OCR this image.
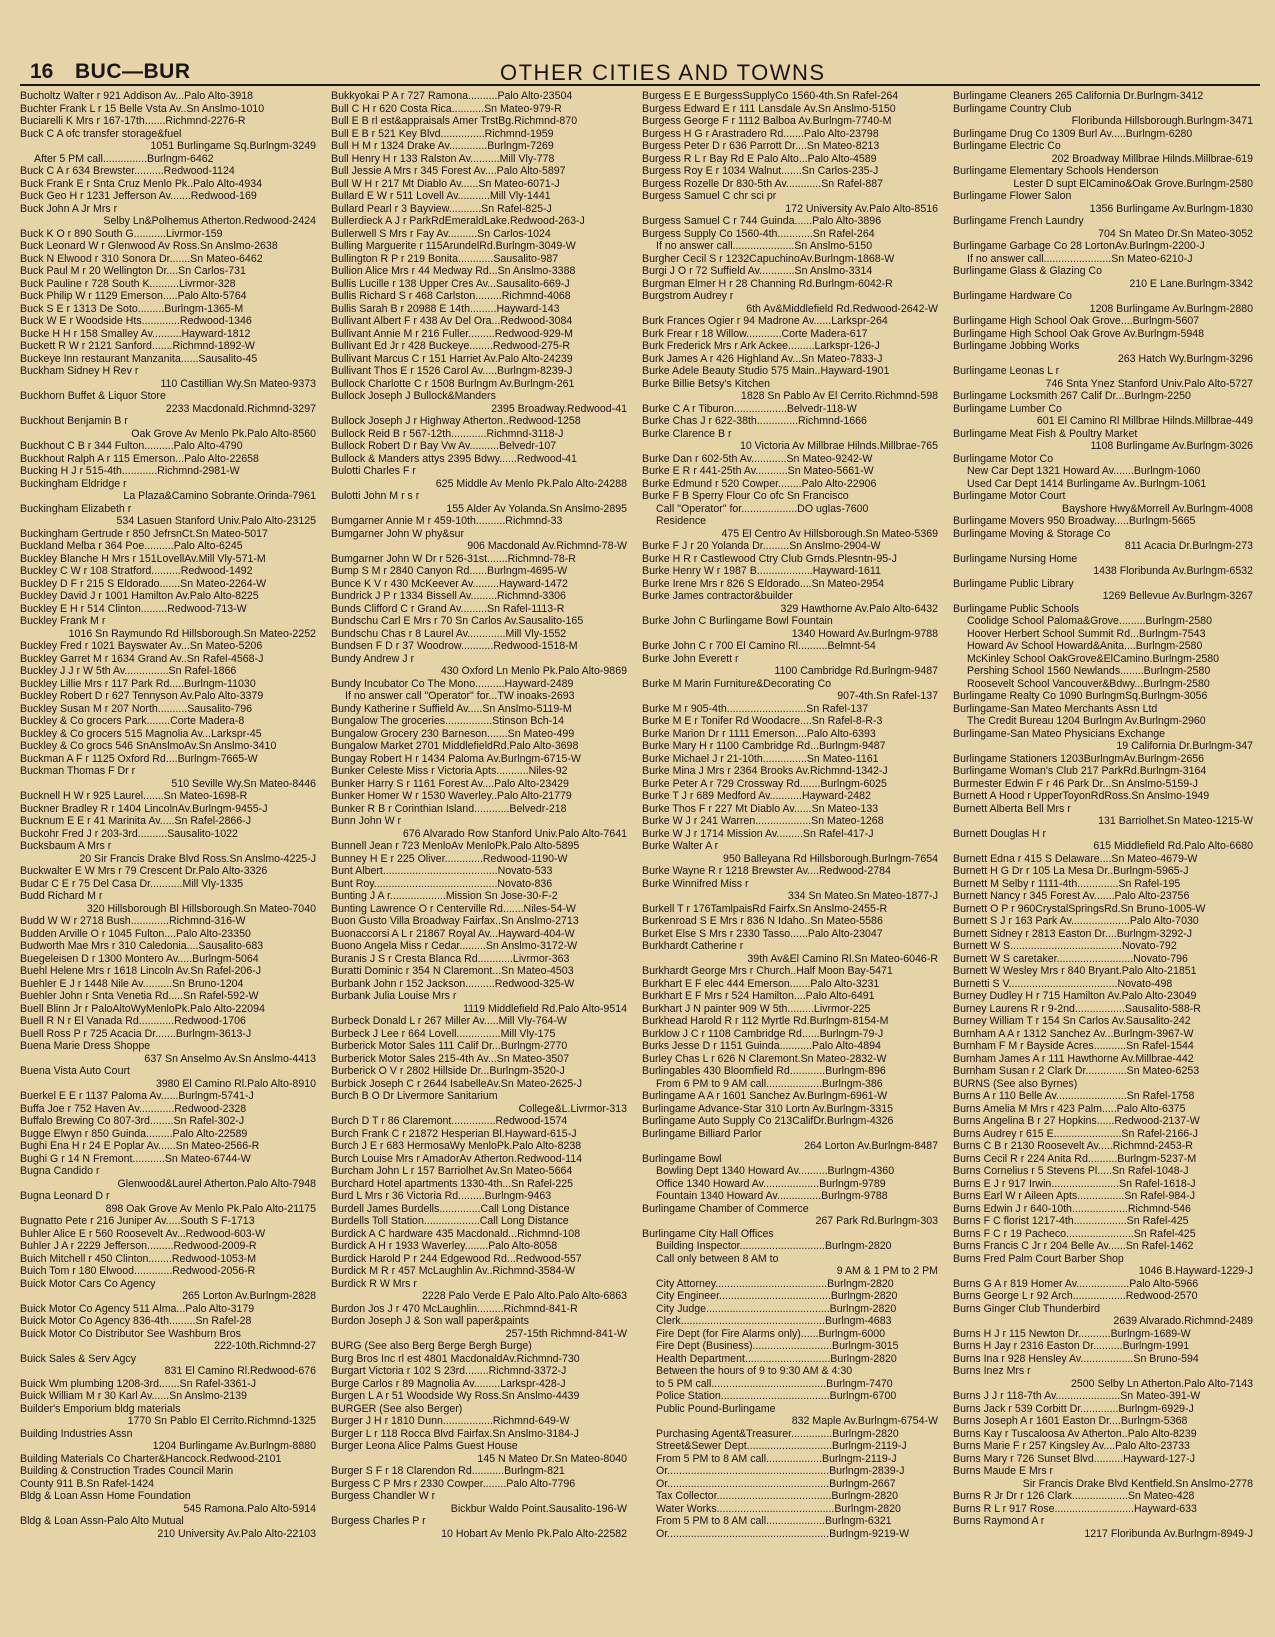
16 BUC—BUR	OTHER CITIES AND TOWNS
Bucholtz Walter r 921 Addison Av...Palo Alto-3918
Buchter Frank L r 15 Belle Vsta Av..Sn Anslmo-1010
Buciarelli K Mrs r 167-17th.......Richmnd-2276-R
Buck C A ofc transfer storage&fuel
1051 Burlingame Sq.Burlngm-3249
After 5 PM call...............Burlngm-6462
Buck C A r 634 Brewster..........Redwood-1124
Buck Frank E r Snta Cruz Menlo Pk..Palo Alto-4934
Buck Geo H r 1231 Jefferson Av.......Redwood-169
Buck John A Jr Mrs r
Selby Ln&Polhemus Atherton.Redwood-2424
Buck K O r 890 South G...........Livrmor-159
Buck Leonard W r Glenwood Av Ross.Sn Anslmo-2638
Buck N Elwood r 310 Sonora Dr.......Sn Mateo-6462
Buck Paul M r 20 Wellington Dr....Sn Carlos-731
Buck Pauline r 728 South K..........Livrmor-328
Buck Philip W r 1129 Emerson.....Palo Alto-5764
Buck S E r 1313 De Soto.........Burlngm-1365-M
Buck W E r Woodside Hts.............Redwood-1346
Bucke H H r 158 Smalley Av..........Hayward-1812
Buckett R W r 2121 Sanford.......Richmnd-1892-W
Buckeye Inn restaurant Manzanita......Sausalito-45
Buckham Sidney H Rev r
110 Castillian Wy.Sn Mateo-9373
Buckhorn Buffet & Liquor Store
2233 Macdonald.Richmnd-3297
Buckhout Benjamin B r
Oak Grove Av Menlo Pk.Palo Alto-8560
Buckhout C B r 344 Fulton..........Palo Alto-4790
Buckhout Ralph A r 115 Emerson...Palo Alto-22658
Bucking H J r 515-4th............Richmnd-2981-W
Buckingham Eldridge r
La Plaza&Camino Sobrante.Orinda-7961
Buckingham Elizabeth r
534 Lasuen Stanford Univ.Palo Alto-23125
Buckingham Gertrude r 850 JefrsnCt.Sn Mateo-5017
Buckland Melba r 364 Poe..........Palo Alto-6245
Buckley Blanche H Mrs r 151LovellAv.Mill Vly-571-M
Buckley C W r 108 Stratford..........Redwood-1492
Buckley D F r 215 S Eldorado.......Sn Mateo-2264-W
Buckley David J r 1001 Hamilton Av.Palo Alto-8225
Buckley E H r 514 Clinton.........Redwood-713-W
Buckley Frank M r
1016 Sn Raymundo Rd Hillsborough.Sn Mateo-2252
Buckley Fred r 1021 Bayswater Av...Sn Mateo-5206
Buckley Garret M r 1634 Grand Av..Sn Rafel-4568-J
Buckley J J r W 5th Av...............Sn Rafel-1866
Buckley Lillie Mrs r 117 Park Rd.....Burlngm-11030
Buckley Robert D r 627 Tennyson Av.Palo Alto-3379
Buckley Susan M r 207 North..........Sausalito-796
Buckley & Co grocers Park........Corte Madera-8
Buckley & Co grocers 515 Magnolia Av...Larkspr-45
Buckley & Co grocs 546 SnAnslmoAv.Sn Anslmo-3410
Buckman A F r 1125 Oxford Rd....Burlngm-7665-W
Buckman Thomas F Dr r
510 Seville Wy.Sn Mateo-8446
Bucknell H W r 925 Laurel.......Sn Mateo-1698-R
Buckner Bradley R r 1404 LincolnAv.Burlngm-9455-J
Bucknum E E r 41 Marinita Av.....Sn Rafel-2866-J
Buckohr Fred J r 203-3rd..........Sausalito-1022
Bucksbaum A Mrs r
20 Sir Francis Drake Blvd Ross.Sn Anslmo-4225-J
Buckwalter E W Mrs r 79 Crescent Dr.Palo Alto-3326
Budar C E r 75 Del Casa Dr...........Mill Vly-1335
Budd Richard M r
320 Hillsborough Bl Hillsborough.Sn Mateo-7040
Budd W W r 2718 Bush.............Richmnd-316-W
Budden Arville O r 1045 Fulton....Palo Alto-23350
Budworth Mae Mrs r 310 Caledonia....Sausalito-683
Buegeleisen D r 1300 Montero Av.....Burlngm-5064
Buehl Helene Mrs r 1618 Lincoln Av.Sn Rafel-206-J
Buehler E J r 1448 Nile Av..........Sn Bruno-1204
Buehler John r Snta Venetia Rd.....Sn Rafel-592-W
Buell Blinn Jr r PaloAltoWyMenloPk.Palo Alto-22094
Buell R N r El Vanada Rd............Redwood-1706
Buell Ross P r 725 Acacia Dr.......Burlngm-3613-J
Buena Marie Dress Shoppe
637 Sn Anselmo Av.Sn Anslmo-4413
Buena Vista Auto Court
3980 El Camino Rl.Palo Alto-8910
Buerkel E E r 1137 Paloma Av......Burlngm-5741-J
Buffa Joe r 752 Haven Av............Redwood-2328
Buffalo Brewing Co 807-3rd........Sn Rafel-302-J
Bugge Elwyn r 850 Guinda.........Palo Alto-22589
Bughi Ena H r 24 E Poplar Av......Sn Mateo-2566-R
Bughi G r 14 N Fremont...........Sn Mateo-6744-W
Bugna Candido r
Glenwood&Laurel Atherton.Palo Alto-7948
Bugna Leonard D r
898 Oak Grove Av Menlo Pk.Palo Alto-21175
Bugnatto Pete r 216 Juniper Av.....South S F-1713
Buhler Alice E r 560 Roosevelt Av...Redwood-603-W
Buhler J A r 2229 Jefferson.........Redwood-2009-R
Buich Mitchell r 450 Clinton........Redwood-1053-M
Buich Tom r 180 Elwood.............Redwood-2056-R
Buick Motor Cars Co Agency
265 Lorton Av.Burlngm-2828
Buick Motor Co Agency 511 Alma...Palo Alto-3179
Buick Motor Co Agency 836-4th.........Sn Rafel-28
Buick Motor Co Distributor See Washburn Bros
222-10th.Richmnd-27
Buick Sales & Serv Agcy
831 El Camino Rl.Redwood-676
Buick Wm plumbing 1208-3rd.......Sn Rafel-3361-J
Buick William M r 30 Karl Av......Sn Anslmo-2139
Builder's Emporium bldg materials
1770 Sn Pablo El Cerrito.Richmnd-1325
Building Industries Assn
1204 Burlingame Av.Burlngm-8880
Building Materials Co Charter&Hancock.Redwood-2101
Building & Construction Trades Council Marin
County 911 B.Sn Rafel-1424
Bldg & Loan Assn Home Foundation
545 Ramona.Palo Alto-5914
Bldg & Loan Assn-Palo Alto Mutual
210 University Av.Palo Alto-22103
Bukkyokai P A r 727 Ramona..........Palo Alto-23504
Bull C H r 620 Costa Rica...........Sn Mateo-979-R
Bull E B rl est&appraisals Amer TrstBg.Richmnd-870
Bull E B r 521 Key Blvd...............Richmnd-1959
Bull H M r 1324 Drake Av.............Burlngm-7269
Bull Henry H r 133 Ralston Av..........Mill Vly-778
Bull Jessie A Mrs r 345 Forest Av....Palo Alto-5897
Bull W H r 217 Mt Diablo Av......Sn Mateo-6071-J
Bullard E W r 511 Lovell Av...........Mill Vly-1441
Bullard Pearl r 3 Bayview...........Sn Rafel-825-J
Bullerdieck A J r ParkRdEmeraldLake.Redwood-263-J
Bullerwell S Mrs r Fay Av..........Sn Carlos-1024
Bulling Marguerite r 115ArundelRd.Burlngm-3049-W
Bullington R P r 219 Bonita............Sausalito-987
Bullion Alice Mrs r 44 Medway Rd...Sn Anslmo-3388
Bullis Lucille r 138 Upper Cres Av...Sausalito-669-J
Bullis Richard S r 468 Carlston.........Richmnd-4068
Bullis Sarah B r 20988 E 14th.........Hayward-143
Bullivant Albert F r 438 Av Del Ora...Redwood-3084
Bullivant Annie M r 216 Fuller.........Redwood-929-M
Bullivant Ed Jr r 428 Buckeye........Redwood-275-R
Bullivant Marcus C r 151 Harriet Av.Palo Alto-24239
Bullivant Thos E r 1526 Carol Av.....Burlngm-8239-J
Bullock Charlotte C r 1508 Burlngm Av.Burlngm-261
Bullock Joseph J Bullock&Manders
2395 Broadway.Redwood-41
Bullock Joseph J r Highway Atherton..Redwood-1258
Bullock Reid B r 567-12th............Richmnd-3118-J
Bullock Robert D r Bay Vw Av..........Belvedr-107
Bullock & Manders attys 2395 Bdwy......Redwood-41
Bulotti Charles F r
625 Middle Av Menlo Pk.Palo Alto-24288
Bulotti John M r s r
155 Alder Av Yolanda.Sn Anslmo-2895
Bumgarner Annie M r 459-10th..........Richmnd-33
Bumgarner John W phy&sur
906 Macdonald Av.Richmnd-78-W
Bumgarner John W Dr r 526-31st.......Richmnd-78-R
Bump S M r 2840 Canyon Rd......Burlngm-4695-W
Bunce K V r 430 McKeever Av.........Hayward-1472
Bundrick J P r 1334 Bissell Av.........Richmnd-3306
Bunds Clifford C r Grand Av.........Sn Rafel-1113-R
Bundschu Carl E Mrs r 70 Sn Carlos Av.Sausalito-165
Bundschu Chas r 8 Laurel Av.............Mill Vly-1552
Bundsen F D r 37 Woodrow...........Redwood-1518-M
Bundy Andrew J r
430 Oxford Ln Menlo Pk.Palo Alto-9869
Bundy Incubator Co The Mono..........Hayward-2489
If no answer call "Operator" for...TW inoaks-2693
Bundy Katherine r Suffield Av.....Sn Anslmo-5119-M
Bungalow The groceries................Stinson Bch-14
Bungalow Grocery 230 Barneson.......Sn Mateo-499
Bungalow Market 2701 MiddlefieldRd.Palo Alto-3698
Bungay Robert H r 1434 Paloma Av.Burlngm-6715-W
Bunker Celeste Miss r Victoria Apts...........Niles-92
Bunker Harry S r 1161 Forest Av....Palo Alto-23429
Bunker Homer W r 1530 Waverley..Palo Alto-21779
Bunker R B r Corinthian Island............Belvedr-218
Bunn John W r
676 Alvarado Row Stanford Univ.Palo Alto-7641
Bunnell Jean r 723 MenloAv MenloPk.Palo Alto-5895
Bunney H E r 225 Oliver.............Redwood-1190-W
Bunt Albert.......................................Novato-533
Bunt Roy..........................................Novato-836
Bunting J A r...................Mission Sn Jose-30-F-2
Bunting Lawrence O r Centerville Rd.......Niles-54-W
Buon Gusto Villa Broadway Fairfax..Sn Anslmo-2713
Buonaccorsi A L r 21867 Royal Av...Hayward-404-W
Buono Angela Miss r Cedar.........Sn Anslmo-3172-W
Buranis J S r Cresta Blanca Rd............Livrmor-363
Buratti Dominic r 354 N Claremont...Sn Mateo-4503
Burbank John r 152 Jackson..........Redwood-325-W
Burbank Julia Louise Mrs r
1119 Middlefield Rd.Palo Alto-9514
Burbeck Donald L r 267 Miller Av.....Mill Vly-764-W
Burbeck J Lee r 664 Lovell...............Mill Vly-175
Burberick Motor Sales 111 Calif Dr...Burlngm-2770
Burberick Motor Sales 215-4th Av...Sn Mateo-3507
Burberick O V r 2802 Hillside Dr...Burlngm-3520-J
Burbick Joseph C r 2644 IsabelleAv.Sn Mateo-2625-J
Burch B O Dr Livermore Sanitarium
College&L.Livrmor-313
Burch D T r 86 Claremont...............Redwood-1574
Burch Frank C r 21872 Hesperian Bl.Hayward-615-J
Burch J E r 683 HermosaWy MenloPk.Palo Alto-8238
Burch Louise Mrs r AmadorAv Atherton.Redwood-114
Burcham John L r 157 Barriolhet Av.Sn Mateo-5664
Burchard Hotel apartments 1330-4th...Sn Rafel-225
Burd L Mrs r 36 Victoria Rd.........Burlngm-9463
Burdell James Burdells..............Call Long Distance
Burdells Toll Station...................Call Long Distance
Burdick A C hardware 435 Macdonald...Richmnd-108
Burdick A H r 1933 Waverley........Palo Alto-8058
Burdick Harold P r 244 Edgewood Rd...Redwood-557
Burdick M R r 457 McLaughlin Av..Richmnd-3584-W
Burdick R W Mrs r
2228 Palo Verde E Palo Alto.Palo Alto-6863
Burdon Jos J r 470 McLaughlin.........Richmnd-841-R
Burdon Joseph J & Son wall paper&paints
257-15th Richmnd-841-W
BURG (See also Berg Berge Bergh Burge)
Burg Bros Inc rl est 4801 MacdonaldAv.Richmnd-730
Burgart Victoria r 102 S 23rd........Richmnd-3372-J
Burge Carlos r 89 Magnolia Av.........Larkspr-428-J
Burgen L A r 51 Woodside Wy Ross.Sn Anslmo-4439
BURGER (See also Berger)
Burger J H r 1810 Dunn.................Richmnd-649-W
Burger L r 118 Rocca Blvd Fairfax.Sn Anslmo-3184-J
Burger Leona Alice Palms Guest House
145 N Mateo Dr.Sn Mateo-8040
Burger S F r 18 Clarendon Rd...........Burlngm-821
Burgess C P Mrs r 2330 Cowper........Palo Alto-7796
Burgess Chandler W r
Bickbur Waldo Point.Sausalito-196-W
Burgess Charles P r
10 Hobart Av Menlo Pk.Palo Alto-22582
Burgess E E BurgessSupplyCo 1560-4th.Sn Rafel-264
Burgess Edward E r 111 Lansdale Av.Sn Anslmo-5150
Burgess George F r 1112 Balboa Av.Burlngm-7740-M
Burgess H G r Arastradero Rd.......Palo Alto-23798
Burgess Peter D r 636 Parrott Dr....Sn Mateo-8213
Burgess R L r Bay Rd E Palo Alto...Palo Alto-4589
Burgess Roy E r 1034 Walnut.......Sn Carlos-235-J
Burgess Rozelle Dr 830-5th Av............Sn Rafel-887
Burgess Samuel C chr sci pr
172 University Av.Palo Alto-8516
Burgess Samuel C r 744 Guinda......Palo Alto-3896
Burgess Supply Co 1560-4th............Sn Rafel-264
If no answer call.....................Sn Anslmo-5150
Burgher Cecil S r 1232CapuchinoAv.Burlngm-1868-W
Burgi J O r 72 Suffield Av............Sn Anslmo-3314
Burgman Elmer H r 28 Channing Rd.Burlngm-6042-R
Burgstrom Audrey r
6th Av&Middlefield Rd.Redwood-2642-W
Burk Frances Ogier r 94 Madrone Av......Larkspr-264
Burk Frear r 18 Willow............Corte Madera-617
Burk Frederick Mrs r Ark Ackee.........Larkspr-126-J
Burk James A r 426 Highland Av...Sn Mateo-7833-J
Burke Adele Beauty Studio 575 Main..Hayward-1901
Burke Billie Betsy's Kitchen
1828 Sn Pablo Av El Cerrito.Richmnd-598
Burke C A r Tiburon..................Belvedr-118-W
Burke Chas J r 622-38th..............Richmnd-1666
Burke Clarence B r
10 Victoria Av Millbrae Hilnds.Millbrae-765
Burke Dan r 602-5th Av............Sn Mateo-9242-W
Burke E R r 441-25th Av...........Sn Mateo-5661-W
Burke Edmund r 520 Cowper........Palo Alto-22906
Burke F B Sperry Flour Co ofc Sn Francisco
Call "Operator" for...................DO uglas-7600
Residence
475 El Centro Av Hillsborough.Sn Mateo-5369
Burke F J r 20 Yolanda Dr.........Sn Anslmo-2904-W
Burke H R r Castlewood Ctry Club Grnds.Plesntn-95-J
Burke Henry W r 1987 B...................Hayward-1611
Burke Irene Mrs r 826 S Eldorado....Sn Mateo-2954
Burke James contractor&builder
329 Hawthorne Av.Palo Alto-6432
Burke John C Burlingame Bowl Fountain
1340 Howard Av.Burlngm-9788
Burke John C r 700 El Camino Rl..........Belmnt-54
Burke John Everett r
1100 Cambridge Rd.Burlngm-9487
Burke M Marin Furniture&Decorating Co
907-4th.Sn Rafel-137
Burke M r 905-4th...........................Sn Rafel-137
Burke M E r Tonifer Rd Woodacre....Sn Rafel-8-R-3
Burke Marion Dr r 1111 Emerson....Palo Alto-6393
Burke Mary H r 1100 Cambridge Rd...Burlngm-9487
Burke Michael J r 21-10th...............Sn Mateo-1161
Burke Mina J Mrs r 2364 Brooks Av.Richmnd-1342-J
Burke Peter A r 729 Crossway Rd.......Burlngm-6025
Burke T J r 689 Medford Av...........Hayward-2482
Burke Thos F r 227 Mt Diablo Av......Sn Mateo-133
Burke W J r 241 Warren...................Sn Mateo-1268
Burke W J r 1714 Mission Av.........Sn Rafel-417-J
Burke Walter A r
950 Balleyana Rd Hillsborough.Burlngm-7654
Burke Wayne R r 1218 Brewster Av....Redwood-2784
Burke Winnifred Miss r
334 Sn Mateo.Sn Mateo-1877-J
Burkell T r 176TamlpaisRd Fairfx.Sn Anslmo-2455-R
Burkenroad S E Mrs r 836 N Idaho..Sn Mateo-5586
Burket Else S Mrs r 2330 Tasso......Palo Alto-23047
Burkhardt Catherine r
39th Av&El Camino Rl.Sn Mateo-6046-R
Burkhardt George Mrs r Church..Half Moon Bay-5471
Burkhart E F elec 444 Emerson.......Palo Alto-3231
Burkhart E F Mrs r 524 Hamilton....Palo Alto-6491
Burkhart J N painter 909 W 5th.........Livrmor-225
Burkhead Harold R r 112 Myrtle Rd.Burlngm-8154-M
Burklow J C r 1108 Cambridge Rd......Burlngm-79-J
Burks Jesse D r 1151 Guinda...........Palo Alto-4894
Burley Chas L r 626 N Claremont.Sn Mateo-2832-W
Burlingables 430 Bloomfield Rd............Burlngm-896
From 6 PM to 9 AM call...................Burlngm-386
Burlingame A A r 1601 Sanchez Av.Burlngm-6961-W
Burlingame Advance-Star 310 Lortn Av.Burlngm-3315
Burlingame Auto Supply Co 213CalifDr.Burlngm-4326
Burlingame Billiard Parlor
264 Lorton Av.Burlngm-8487
Burlingame Bowl
Bowling Dept 1340 Howard Av..........Burlngm-4360
Office 1340 Howard Av...................Burlngm-9789
Fountain 1340 Howard Av...............Burlngm-9788
Burlingame Chamber of Commerce
267 Park Rd.Burlngm-303
Burlingame City Hall Offices
Building Inspector.............................Burlngm-2820
Call only between 8 AM to
9 AM & 1 PM to 2 PM
City Attorney......................................Burlngm-2820
City Engineer......................................Burlngm-2820
City Judge..........................................Burlngm-2820
Clerk.................................................Burlngm-4683
Fire Dept (for Fire Alarms only)......Burlngm-6000
Fire Dept (Business)...........................Burlngm-3015
Health Department.............................Burlngm-2820
Between the hours of 9 to 9:30 AM & 4:30
to 5 PM call.......................................Burlngm-7470
Police Station.....................................Burlngm-6700
Public Pound-Burlingame
832 Maple Av.Burlngm-6754-W
Purchasing Agent&Treasurer..............Burlngm-2820
Street&Sewer Dept.............................Burlngm-2119-J
From 5 PM to 8 AM call...................Burlngm-2119-J
Or.......................................................Burlngm-2839-J
Or.......................................................Burlngm-2667
Tax Collector.......................................Burlngm-2820
Water Works........................................Burlngm-2820
From 5 PM to 8 AM call....................Burlngm-6321
Or.......................................................Burlngm-9219-W
Burlingame Cleaners 265 California Dr.Burlngm-3412
Burlingame Country Club
Floribunda Hillsborough.Burlngm-3471
Burlingame Drug Co 1309 Burl Av.....Burlngm-6280
Burlingame Electric Co
202 Broadway Millbrae Hilnds.Millbrae-619
Burlingame Elementary Schools Henderson
Lester D supt ElCamino&Oak Grove.Burlngm-2580
Burlingame Flower Salon
1356 Burlingame Av.Burlngm-1830
Burlingame French Laundry
704 Sn Mateo Dr.Sn Mateo-3052
Burlingame Garbage Co 28 LortonAv.Burlngm-2200-J
If no answer call.......................Sn Mateo-6210-J
Burlingame Glass & Glazing Co
210 E Lane.Burlngm-3342
Burlingame Hardware Co
1208 Burlingame Av.Burlngm-2880
Burlingame High School Oak Grove....Burlngm-5607
Burlingame High School Oak Grove Av.Burlngm-5948
Burlingame Jobbing Works
263 Hatch Wy.Burlngm-3296
Burlingame Leonas L r
746 Snta Ynez Stanford Univ.Palo Alto-5727
Burlingame Locksmith 267 Calif Dr...Burlngm-2250
Burlingame Lumber Co
601 El Camino Rl Millbrae Hilnds.Millbrae-449
Burlingame Meat Fish & Poultry Market
1108 Burlingame Av.Burlngm-3026
Burlingame Motor Co
New Car Dept 1321 Howard Av.......Burlngm-1060
Used Car Dept 1414 Burlingame Av..Burlngm-1061
Burlingame Motor Court
Bayshore Hwy&Morrell Av.Burlngm-4008
Burlingame Movers 950 Broadway.....Burlngm-5665
Burlingame Moving & Storage Co
811 Acacia Dr.Burlngm-273
Burlingame Nursing Home
1438 Floribunda Av.Burlngm-6532
Burlingame Public Library
1269 Bellevue Av.Burlngm-3267
Burlingame Public Schools
Coolidge School Paloma&Grove.........Burlngm-2580
Hoover Herbert School Summit Rd...Burlngm-7543
Howard Av School Howard&Anita....Burlngm-2580
McKinley School OakGrove&ElCamino.Burlngm-2580
Pershing School 1560 Newlands........Burlngm-2580
Roosevelt School Vancouver&Bdwy...Burlngm-2580
Burlingame Realty Co 1090 BurlngmSq.Burlngm-3056
Burlingame-San Mateo Merchants Assn Ltd
The Credit Bureau 1204 Burlngm Av.Burlngm-2960
Burlingame-San Mateo Physicians Exchange
19 California Dr.Burlngm-347
Burlingame Stationers 1203BurlngmAv.Burlngm-2656
Burlingame Woman's Club 217 ParkRd.Burlngm-3164
Burmester Edwin F r 46 Park Dr...Sn Anslmo-5159-J
Burnett A Hood r UpperToyonRdRoss.Sn Anslmo-1949
Burnett Alberta Bell Mrs r
131 Barriolhet.Sn Mateo-1215-W
Burnett Douglas H r
615 Middlefield Rd.Palo Alto-6680
Burnett Edna r 415 S Delaware....Sn Mateo-4679-W
Burnett H G Dr r 105 La Mesa Dr..Burlngm-5965-J
Burnett M Selby r 1111-4th..............Sn Rafel-195
Burnett Nancy r 345 Forest Av.......Palo Alto-23756
Burnett O P r 960CrystalSpringsRd.Sn Bruno-1005-W
Burnett S J r 163 Park Av....................Palo Alto-7030
Burnett Sidney r 2813 Easton Dr....Burlngm-3292-J
Burnett W S......................................Novato-792
Burnett W S caretaker..........................Novato-796
Burnett W Wesley Mrs r 840 Bryant.Palo Alto-21851
Burnetti S V.....................................Novato-498
Burney Dudley H r 715 Hamilton Av.Palo Alto-23049
Burney Laurens R r 9-2nd.................Sausalito-588-R
Burney William T r 154 Sn Carlos Av.Sausalito-242
Burnham A A r 1312 Sanchez Av...Burlngm-3967-W
Burnham F M r Bayside Acres...........Sn Rafel-1544
Burnham James A r 111 Hawthorne Av.Millbrae-442
Burnham Susan r 2 Clark Dr..............Sn Mateo-6253
BURNS (See also Byrnes)
Burns A r 110 Belle Av........................Sn Rafel-1758
Burns Amelia M Mrs r 423 Palm.....Palo Alto-6375
Burns Angelina B r 27 Hopkins......Redwood-2137-W
Burns Audrey r 615 E.......................Sn Rafel-2166-J
Burns C B r 2130 Roosevelt Av.....Richmnd-2453-R
Burns Cecil R r 224 Anita Rd..........Burlngm-5237-M
Burns Cornelius r 5 Stevens Pl.....Sn Rafel-1048-J
Burns E J r 917 Irwin.......................Sn Rafel-1618-J
Burns Earl W r Aileen Apts................Sn Rafel-984-J
Burns Edwin J r 640-10th...................Richmnd-546
Burns F C florist 1217-4th..................Sn Rafel-425
Burns F C r 19 Pacheco.......................Sn Rafel-425
Burns Francis C Jr r 204 Belle Av......Sn Rafel-1462
Burns Fred Palm Court Barber Shop
1046 B.Hayward-1229-J
Burns G A r 819 Homer Av..................Palo Alto-5966
Burns George L r 92 Arch..................Redwood-2570
Burns Ginger Club Thunderbird
2639 Alvarado.Richmnd-2489
Burns H J r 115 Newton Dr...........Burlngm-1689-W
Burns H Jay r 2316 Easton Dr..........Burlngm-1991
Burns Ina r 928 Hensley Av..................Sn Bruno-594
Burns Inez Mrs r
2500 Selby Ln Atherton.Palo Alto-7143
Burns J J r 118-7th Av......................Sn Mateo-391-W
Burns Jack r 539 Corbitt Dr.............Burlngm-6929-J
Burns Joseph A r 1601 Easton Dr....Burlngm-5368
Burns Kay r Tuscaloosa Av Atherton..Palo Alto-8239
Burns Marie F r 257 Kingsley Av....Palo Alto-23733
Burns Mary r 726 Sunset Blvd..........Hayward-127-J
Burns Maude E Mrs r
Sir Francis Drake Blvd Kentfield.Sn Anslmo-2778
Burns R Jr Dr r 126 Clark...................Sn Mateo-428
Burns R L r 917 Rose...........................Hayward-633
Burns Raymond A r
1217 Floribunda Av.Burlngm-8949-J
